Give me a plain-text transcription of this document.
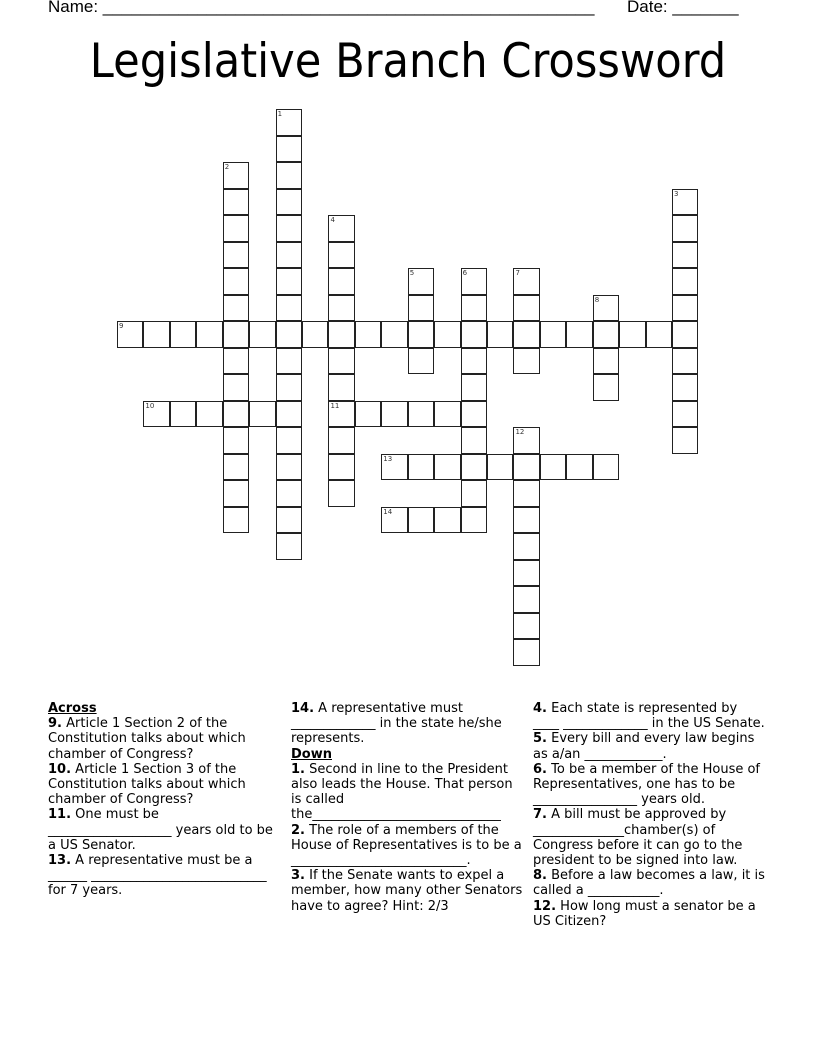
Name: ____________________________________________________ Date: _______
Legislative Branch Crossword
1
2
3
4
11
5	6	7
8
9
10
12
13
14
Across
9. Article 1 Section 2 of the Constitution talks about which chamber of Congress?
10. Article 1 Section 3 of the Constitution talks about which chamber of Congress?
11. One must be ___________________ years old to be a US Senator.
13. A representative must be a ______ ___________________________ for 7 years.
14. A representative must _____________ in the state he/she represents.
Down
1. Second in line to the President also leads the House. That person is called the_____________________________
2. The role of a members of the House of Representatives is to be a ___________________________.
3. If the Senate wants to expel a member, how many other Senators have to agree? Hint: 2/3
4. Each state is represented by ____ _____________ in the US Senate.
5. Every bill and every law begins as a/an ____________.
6. To be a member of the House of Representatives, one has to be ________________ years old.
7. A bill must be approved by ______________chamber(s) of Congress before it can go to the president to be signed into law.
8. Before a law becomes a law, it is called a ___________.
12. How long must a senator be a US Citizen?
